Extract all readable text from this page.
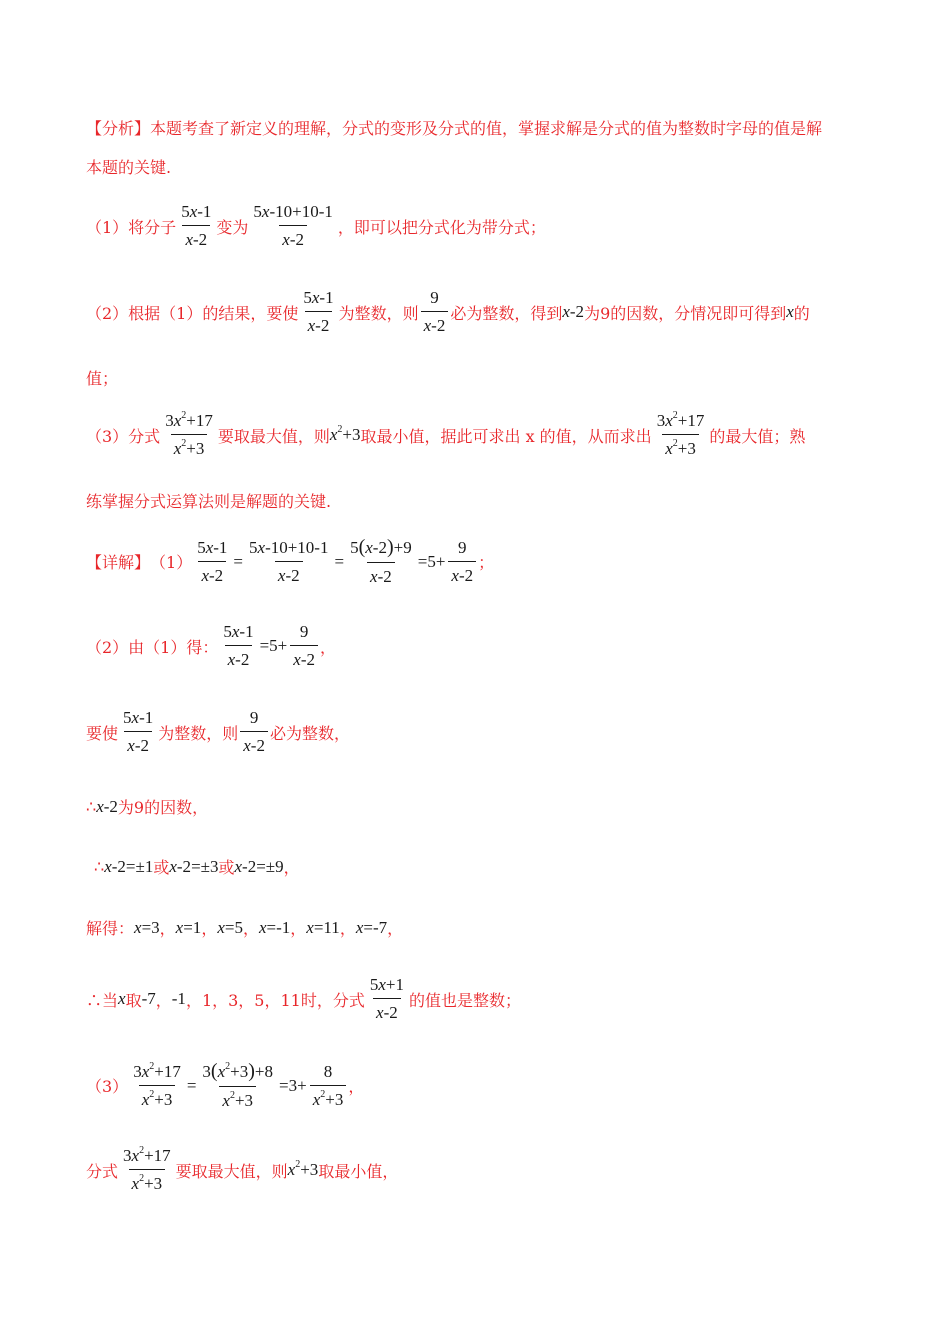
【分析】 本题考查了新定义的理解，分式的变形及分式的值，掌握求解是分式的值为整数时字母的值是解
本题的关键.
（1）将分子 $\frac{5x-1}{x-2}$ 变为 $\frac{5x-10+10-1}{x-2}$ ，即可以把分式化为带分式；
（2）根据（1）的结果，要使 $\frac{5x-1}{x-2}$ 为整数，则 $\frac{9}{x-2}$ 必为整数，得到 x-2 为9的因数，分情况即可得到 x 的
值；
（3）分式 $\frac{3x^2+17}{x^2+3}$ 要取最大值，则 $x^2+3$ 取最小值，据此可求出 x 的值，从而求出 $\frac{3x^2+17}{x^2+3}$ 的最大值；熟
练掌握分式运算法则是解题的关键.
【详解】 $(1) \frac{5x-1}{x-2} = \frac{5x-10+10-1}{x-2} = \frac{5(x-2)+9}{x-2} =5+ \frac{9}{x-2}$ ；
（2）由（1）得： $\frac{5x-1}{x-2} =5+ \frac{9}{x-2}$ ，
要使 $\frac{5x-1}{x-2}$ 为整数，则 $\frac{9}{x-2}$ 必为整数，
∴ x-2 为9的因数，
∴ x-2 =±1 或 x-2 =±3 或 x-2 =±9 ，
解得： x=3 ， x=1 ， x=5 ， x=-1 ， x=11 ， x=-7 ，
∴当 x 取 -7 ， -1 ，1，3，5，11时，分式 $\frac{5x+1}{x-2}$ 的值也是整数；
$(3) \frac{3x^2+17}{x^2+3} = \frac{3(x^2+3)+8}{x^2+3} =3+ \frac{8}{x^2+3}$ ，
分式 $\frac{3x^2+17}{x^2+3}$ 要取最大值，则 $x^2+3$ 取最小值，
